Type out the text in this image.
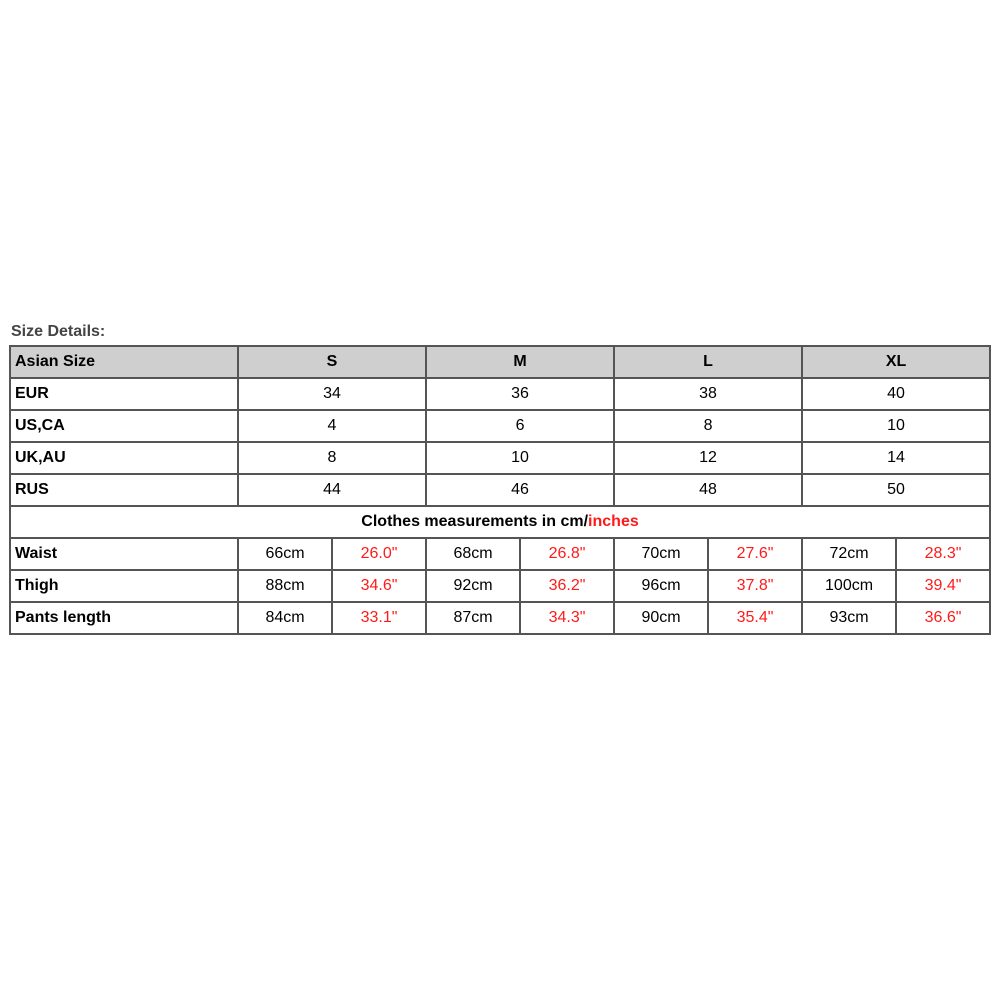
Size Details:
Asian Size	S		M		L		XL	
EUR	34		36		38		40	
US,CA	4		6		8		10	
UK,AU	8		10		12		14	
RUS	44		46		48		50	
Clothes measurements in cm/inches								
Waist	66cm	26.0"	68cm	26.8"	70cm	27.6"	72cm	28.3"
Thigh	88cm	34.6"	92cm	36.2"	96cm	37.8"	100cm	39.4"
Pants length	84cm	33.1"	87cm	34.3"	90cm	35.4"	93cm	36.6"
